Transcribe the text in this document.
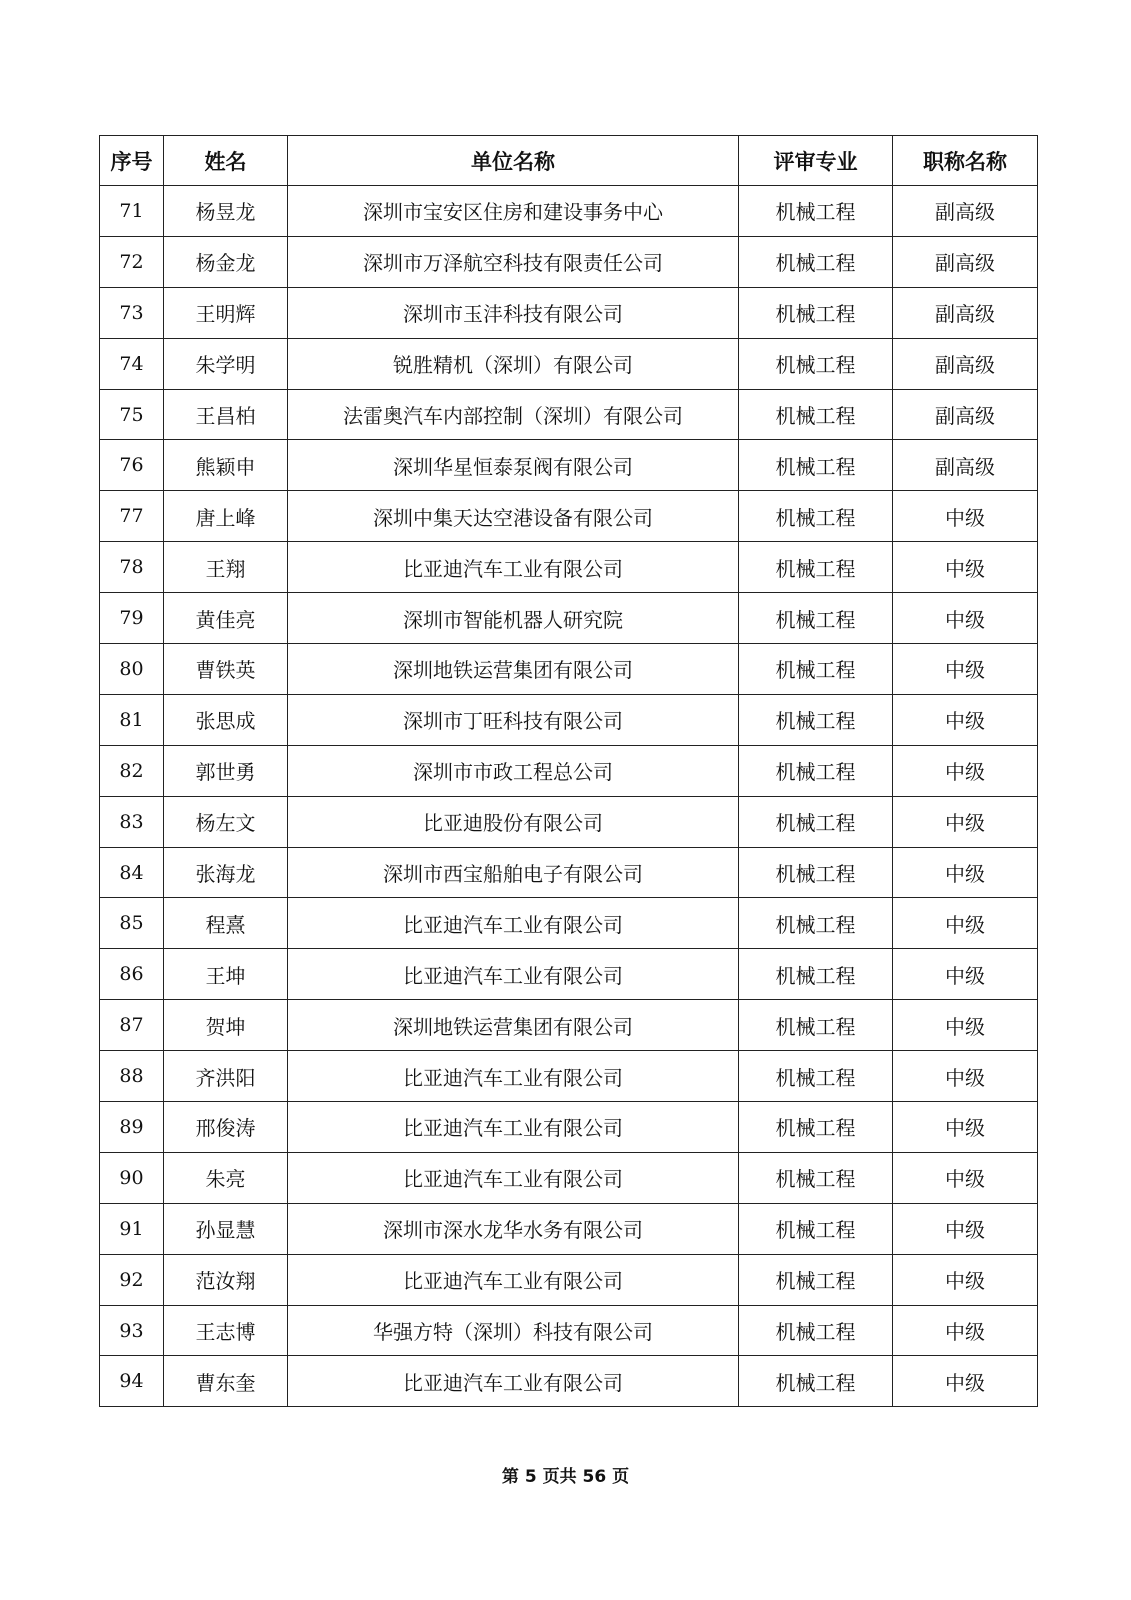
序号	姓名	单位名称	评审专业	职称名称
71	杨昱龙	深圳市宝安区住房和建设事务中心	机械工程	副高级
72	杨金龙	深圳市万泽航空科技有限责任公司	机械工程	副高级
73	王明辉	深圳市玉沣科技有限公司	机械工程	副高级
74	朱学明	锐胜精机（深圳）有限公司	机械工程	副高级
75	王昌柏	法雷奥汽车内部控制（深圳）有限公司	机械工程	副高级
76	熊颖申	深圳华星恒泰泵阀有限公司	机械工程	副高级
77	唐上峰	深圳中集天达空港设备有限公司	机械工程	中级
78	王翔	比亚迪汽车工业有限公司	机械工程	中级
79	黄佳亮	深圳市智能机器人研究院	机械工程	中级
80	曹铁英	深圳地铁运营集团有限公司	机械工程	中级
81	张思成	深圳市丁旺科技有限公司	机械工程	中级
82	郭世勇	深圳市市政工程总公司	机械工程	中级
83	杨左文	比亚迪股份有限公司	机械工程	中级
84	张海龙	深圳市西宝船舶电子有限公司	机械工程	中级
85	程熹	比亚迪汽车工业有限公司	机械工程	中级
86	王坤	比亚迪汽车工业有限公司	机械工程	中级
87	贺坤	深圳地铁运营集团有限公司	机械工程	中级
88	齐洪阳	比亚迪汽车工业有限公司	机械工程	中级
89	邢俊涛	比亚迪汽车工业有限公司	机械工程	中级
90	朱亮	比亚迪汽车工业有限公司	机械工程	中级
91	孙显慧	深圳市深水龙华水务有限公司	机械工程	中级
92	范汝翔	比亚迪汽车工业有限公司	机械工程	中级
93	王志博	华强方特（深圳）科技有限公司	机械工程	中级
94	曹东奎	比亚迪汽车工业有限公司	机械工程	中级
第 5 页共 56 页
